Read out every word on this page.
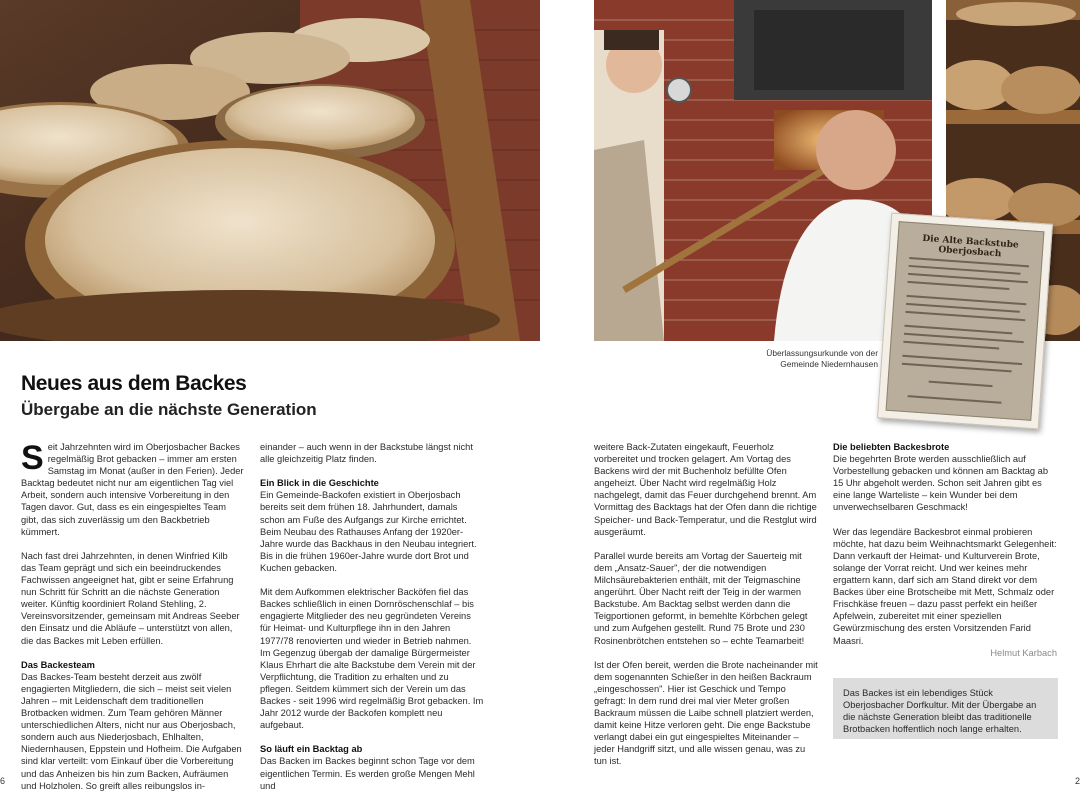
Die Alte Backstube Oberjosbach
Überlassungsurkunde von der Gemeinde Niedernhausen
Neues aus dem Backes
Übergabe an die nächste Generation

S eit Jahrzehnten wird im Oberjosbacher Backes regelmäßig Brot gebacken – immer am ersten Samstag im Monat (außer in den Ferien). Jeder Backtag bedeutet nicht nur am eigentlichen Tag viel Arbeit, sondern auch intensive Vorbereitung in den Tagen davor. Gut, dass es ein eingespieltes Team gibt, das sich zuverlässig um den Backbetrieb kümmert.

Nach fast drei Jahrzehnten, in denen Winfried Kilb das Team geprägt und sich ein beeindruckendes Fachwissen angeeignet hat, gibt er seine Erfahrung nun Schritt für Schritt an die nächste Generation weiter. Künftig koordiniert Roland Stehling, 2. Vereinsvorsitzender, gemeinsam mit Andreas Seeber den Einsatz und die Abläufe – unterstützt von allen, die das Backes mit Leben erfüllen.

Das Backesteam

Das Backes-Team besteht derzeit aus zwölf engagierten Mitgliedern, die sich – meist seit vielen Jahren – mit Leidenschaft dem traditionellen Brotbacken widmen. Zum Team gehören Männer unterschiedlichen Alters, nicht nur aus Oberjosbach, sondern auch aus Niederjosbach, Ehlhalten, Niedernhausen, Eppstein und Hofheim. Die Aufgaben sind klar verteilt: vom Einkauf über die Vorbereitung und das Anheizen bis hin zum Backen, Aufräumen und Holzholen. So greift alles reibungslos in-

einander – auch wenn in der Backstube längst nicht alle gleichzeitig Platz finden.

Ein Blick in die Geschichte

Ein Gemeinde-Backofen existiert in Oberjosbach bereits seit dem frühen 18. Jahrhundert, damals schon am Fuße des Aufgangs zur Kirche errichtet. Beim Neubau des Rathauses Anfang der 1920er-Jahre wurde das Backhaus in den Neubau integriert. Bis in die frühen 1960er-Jahre wurde dort Brot und Kuchen gebacken.

Mit dem Aufkommen elektrischer Backöfen fiel das Backes schließlich in einen Dornröschenschlaf – bis engagierte Mitglieder des neu gegründeten Vereins für Heimat- und Kulturpflege ihn in den Jahren 1977/78 renovierten und wieder in Betrieb nahmen. Im Gegenzug übergab der damalige Bürgermeister Klaus Ehrhart die alte Backstube dem Verein mit der Verpflichtung, die Tradition zu erhalten und zu pflegen. Seitdem kümmert sich der Verein um das Backes - seit 1996 wird regelmäßig Brot gebacken. Im Jahr 2012 wurde der Backofen komplett neu aufgebaut.

So läuft ein Backtag ab

Das Backen im Backes beginnt schon Tage vor dem eigentlichen Termin. Es werden große Mengen Mehl und

weitere Back-Zutaten eingekauft, Feuerholz vorbereitet und trocken gelagert. Am Vortag des Backens wird der mit Buchenholz befüllte Ofen angeheizt. Über Nacht wird regelmäßig Holz nachgelegt, damit das Feuer durchgehend brennt. Am Vormittag des Backtags hat der Ofen dann die richtige Speicher- und Back-Temperatur, und die Restglut wird ausgeräumt.

Parallel wurde bereits am Vortag der Sauerteig mit dem „Ansatz-Sauer", der die notwendigen Milchsäurebakterien enthält, mit der Teigmaschine angerührt. Über Nacht reift der Teig in der warmen Backstube. Am Backtag selbst werden dann die Teigportionen geformt, in bemehlte Körbchen gelegt und zum Aufgehen gestellt. Rund 75 Brote und 230 Rosinenbrötchen entstehen so – echte Teamarbeit!

Ist der Ofen bereit, werden die Brote nacheinander mit dem sogenannten Schießer in den heißen Backraum „eingeschossen". Hier ist Geschick und Tempo gefragt: In dem rund drei mal vier Meter großen Backraum müssen die Laibe schnell platziert werden, damit keine Hitze verloren geht. Die enge Backstube verlangt dabei ein gut eingespieltes Miteinander – jeder Handgriff sitzt, und alle wissen genau, was zu tun ist.

Die beliebten Backesbrote

Die begehrten Brote werden ausschließlich auf Vorbestellung gebacken und können am Backtag ab 15 Uhr abgeholt werden. Schon seit Jahren gibt es eine lange Warteliste – kein Wunder bei dem unverwechselbaren Geschmack!

Wer das legendäre Backesbrot einmal probieren möchte, hat dazu beim Weihnachtsmarkt Gelegenheit: Dann verkauft der Heimat- und Kulturverein Brote, solange der Vorrat reicht. Und wer keines mehr ergattern kann, darf sich am Stand direkt vor dem Backes über eine Brotscheibe mit Mett, Schmalz oder Frischkäse freuen – dazu passt perfekt ein heißer Apfelwein, zubereitet mit einer speziellen Gewürzmischung des ersten Vorsitzenden Farid Maasri.

Helmut Karbach

Das Backes ist ein lebendiges Stück Oberjosbacher Dorfkultur. Mit der Übergabe an die nächste Generation bleibt das traditionelle Brotbacken hoffentlich noch lange erhalten.
6	2
